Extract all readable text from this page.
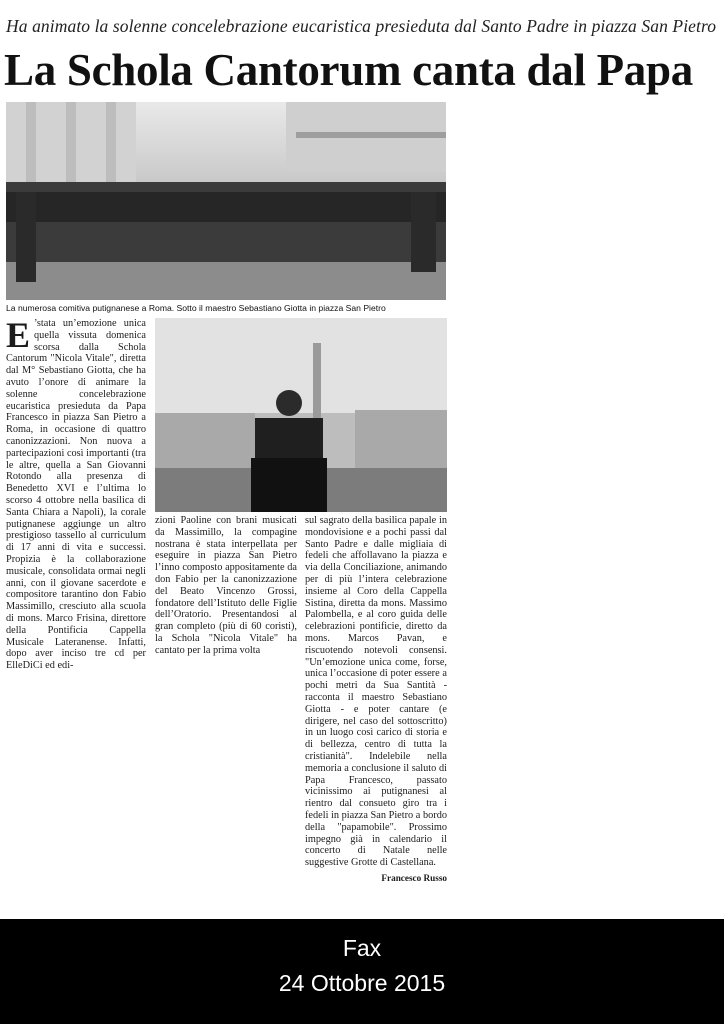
Ha animato la solenne concelebrazione eucaristica presieduta dal Santo Padre in piazza San Pietro
La Schola Cantorum canta dal Papa
La numerosa comitiva putignanese a Roma. Sotto il maestro Sebastiano Giotta in piazza San Pietro
E ’stata un’emozione unica quella vissuta domenica scorsa dalla Schola Cantorum "Nicola Vitale", diretta dal M° Sebastiano Giotta, che ha avuto l’onore di animare la solenne concelebrazione eucaristica presieduta da Papa Francesco in piazza San Pietro a Roma, in occasione di quattro canonizzazioni. Non nuova a partecipazioni così importanti (tra le altre, quella a San Giovanni Rotondo alla presenza di Benedetto XVI e l’ultima lo scorso 4 ottobre nella basilica di Santa Chiara a Napoli), la corale putignanese aggiunge un altro prestigioso tassello al curriculum di 17 anni di vita e successi. Propizia è la collaborazione musicale, consolidata ormai negli anni, con il giovane sacerdote e compositore tarantino don Fabio Massimillo, cresciuto alla scuola di mons. Marco Frisina, direttore della Pontificia Cappella Musicale Lateranense. Infatti, dopo aver inciso tre cd per ElleDiCi ed edi-
zioni Paoline con brani musicati da Massimillo, la compagine nostrana è stata interpellata per eseguire in piazza San Pietro l’inno composto appositamente da don Fabio per la canonizzazione del Beato Vincenzo Grossi, fondatore dell’Istituto delle Figlie dell’Oratorio. Presentandosi al gran completo (più di 60 coristi), la Schola "Nicola Vitale" ha cantato per la prima volta
sul sagrato della basilica papale in mondovisione e a pochi passi dal Santo Padre e dalle migliaia di fedeli che affollavano la piazza e via della Conciliazione, animando per di più l’intera celebrazione insieme al Coro della Cappella Sistina, diretta da mons. Massimo Palombella, e al coro guida delle celebrazioni pontificie, diretto da mons. Marcos Pavan, e riscuotendo notevoli consensi. "Un’emozione unica come, forse, unica l’occasione di poter essere a pochi metri da Sua Santità - racconta il maestro Sebastiano Giotta - e poter cantare (e dirigere, nel caso del sottoscritto) in un luogo così carico di storia e di bellezza, centro di tutta la cristianità". Indelebile nella memoria a conclusione il saluto di Papa Francesco, passato vicinissimo ai putignanesi al rientro dal consueto giro tra i fedeli in piazza San Pietro a bordo della "papamobile". Prossimo impegno già in calendario il concerto di Natale nelle suggestive Grotte di Castellana.
Francesco Russo
Fax
24 Ottobre 2015
